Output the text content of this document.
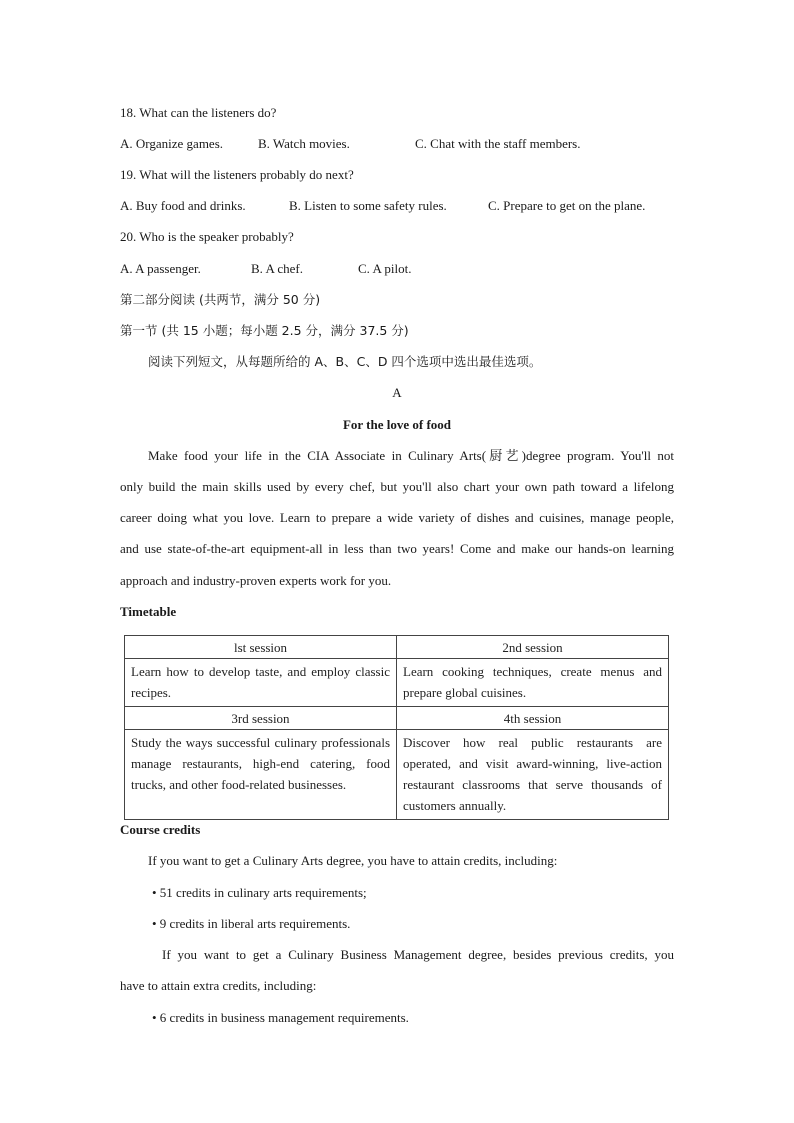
18. What can the listeners do?
A. Organize games.	B. Watch movies.	C. Chat with the staff members.
19. What will the listeners probably do next?
A. Buy food and drinks.	B. Listen to some safety rules.	C. Prepare to get on the plane.
20. Who is the speaker probably?
A. A passenger.	B. A chef.	C. A pilot.
第二部分阅读 (共两节，满分 50 分)
第一节 (共 15 小题；每小题 2.5 分，满分 37.5 分)
阅读下列短文，从每题所给的 A、B、C、D 四个选项中选出最佳选项。
A
For the love of food
Make food your life in the CIA Associate in Culinary Arts(厨艺)degree program. You'll not
only build the main skills used by every chef, but you'll also chart your own path toward a lifelong
career doing what you love. Learn to prepare a wide variety of dishes and cuisines, manage people,
and use state-of-the-art equipment-all in less than two years! Come and make our hands-on learning
approach and industry-proven experts work for you.
Timetable
lst session	2nd session
Learn how to develop taste, and employ classic recipes.	Learn cooking techniques, create menus and prepare global cuisines.
3rd session	4th session
Study the ways successful culinary professionals manage restaurants, high-end catering, food trucks, and other food-related businesses.	Discover how real public restaurants are operated, and visit award-winning, live-action restaurant classrooms that serve thousands of customers annually.
Course credits
If you want to get a Culinary Arts degree, you have to attain credits, including:
• 51 credits in culinary arts requirements;
• 9 credits in liberal arts requirements.
If you want to get a Culinary Business Management degree, besides previous credits, you
have to attain extra credits, including:
• 6 credits in business management requirements.
